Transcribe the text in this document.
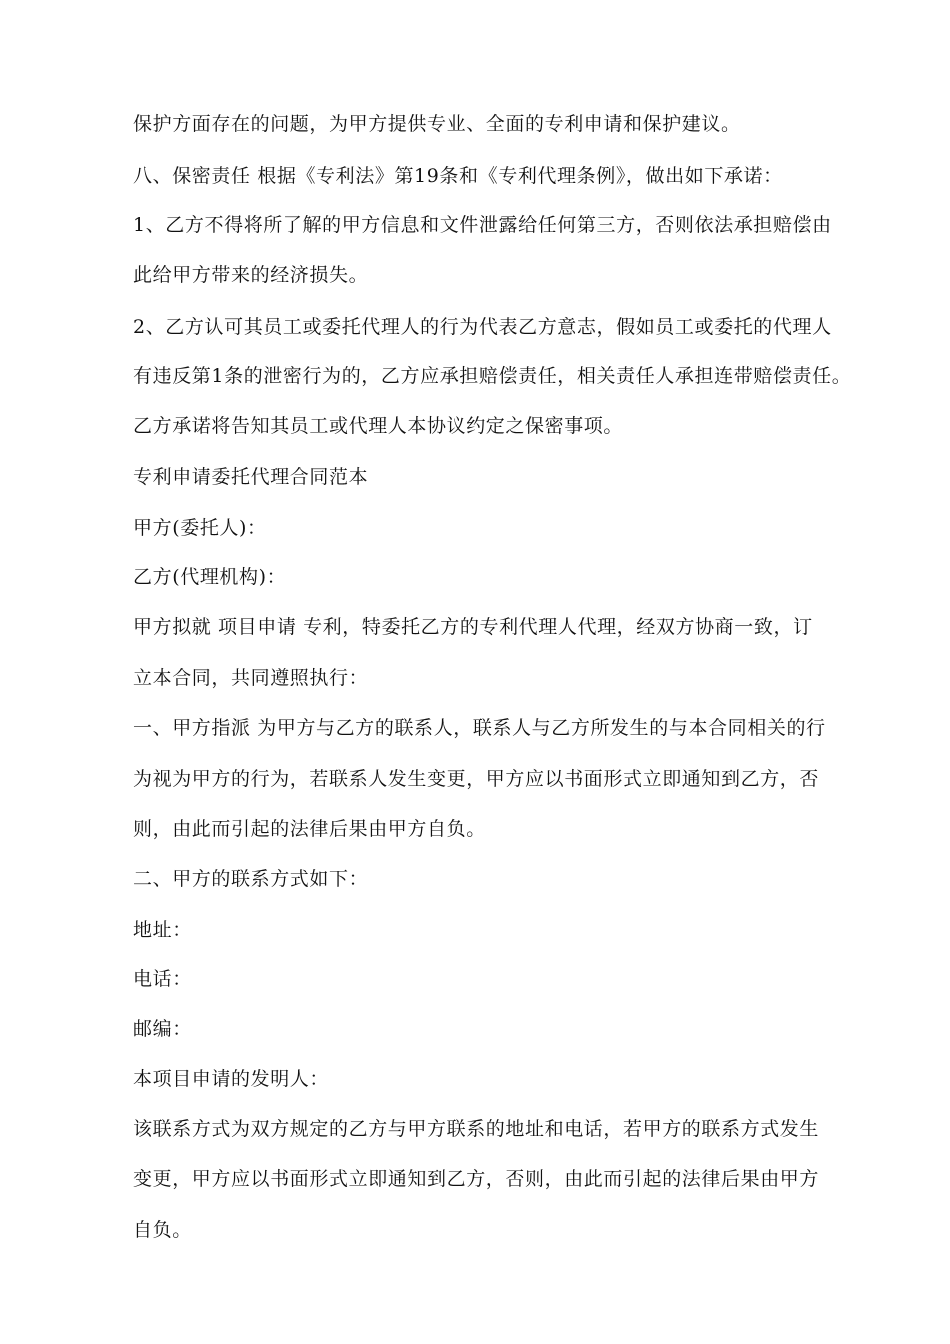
保护方面存在的问题，为甲方提供专业、全面的专利申请和保护建议。

八、保密责任 根据《专利法》第19条和《专利代理条例》，做出如下承诺：

1、乙方不得将所了解的甲方信息和文件泄露给任何第三方，否则依法承担赔偿由

此给甲方带来的经济损失。

2、乙方认可其员工或委托代理人的行为代表乙方意志，假如员工或委托的代理人

有违反第1条的泄密行为的，乙方应承担赔偿责任，相关责任人承担连带赔偿责任。

乙方承诺将告知其员工或代理人本协议约定之保密事项。

专利申请委托代理合同范本

甲方(委托人)：

乙方(代理机构)：

甲方拟就 项目申请 专利，特委托乙方的专利代理人代理，经双方协商一致，订

立本合同，共同遵照执行：

一、甲方指派 为甲方与乙方的联系人，联系人与乙方所发生的与本合同相关的行

为视为甲方的行为，若联系人发生变更，甲方应以书面形式立即通知到乙方，否

则，由此而引起的法律后果由甲方自负。

二、甲方的联系方式如下：

地址：

电话：

邮编：

本项目申请的发明人：

该联系方式为双方规定的乙方与甲方联系的地址和电话，若甲方的联系方式发生

变更，甲方应以书面形式立即通知到乙方，否则，由此而引起的法律后果由甲方

自负。
